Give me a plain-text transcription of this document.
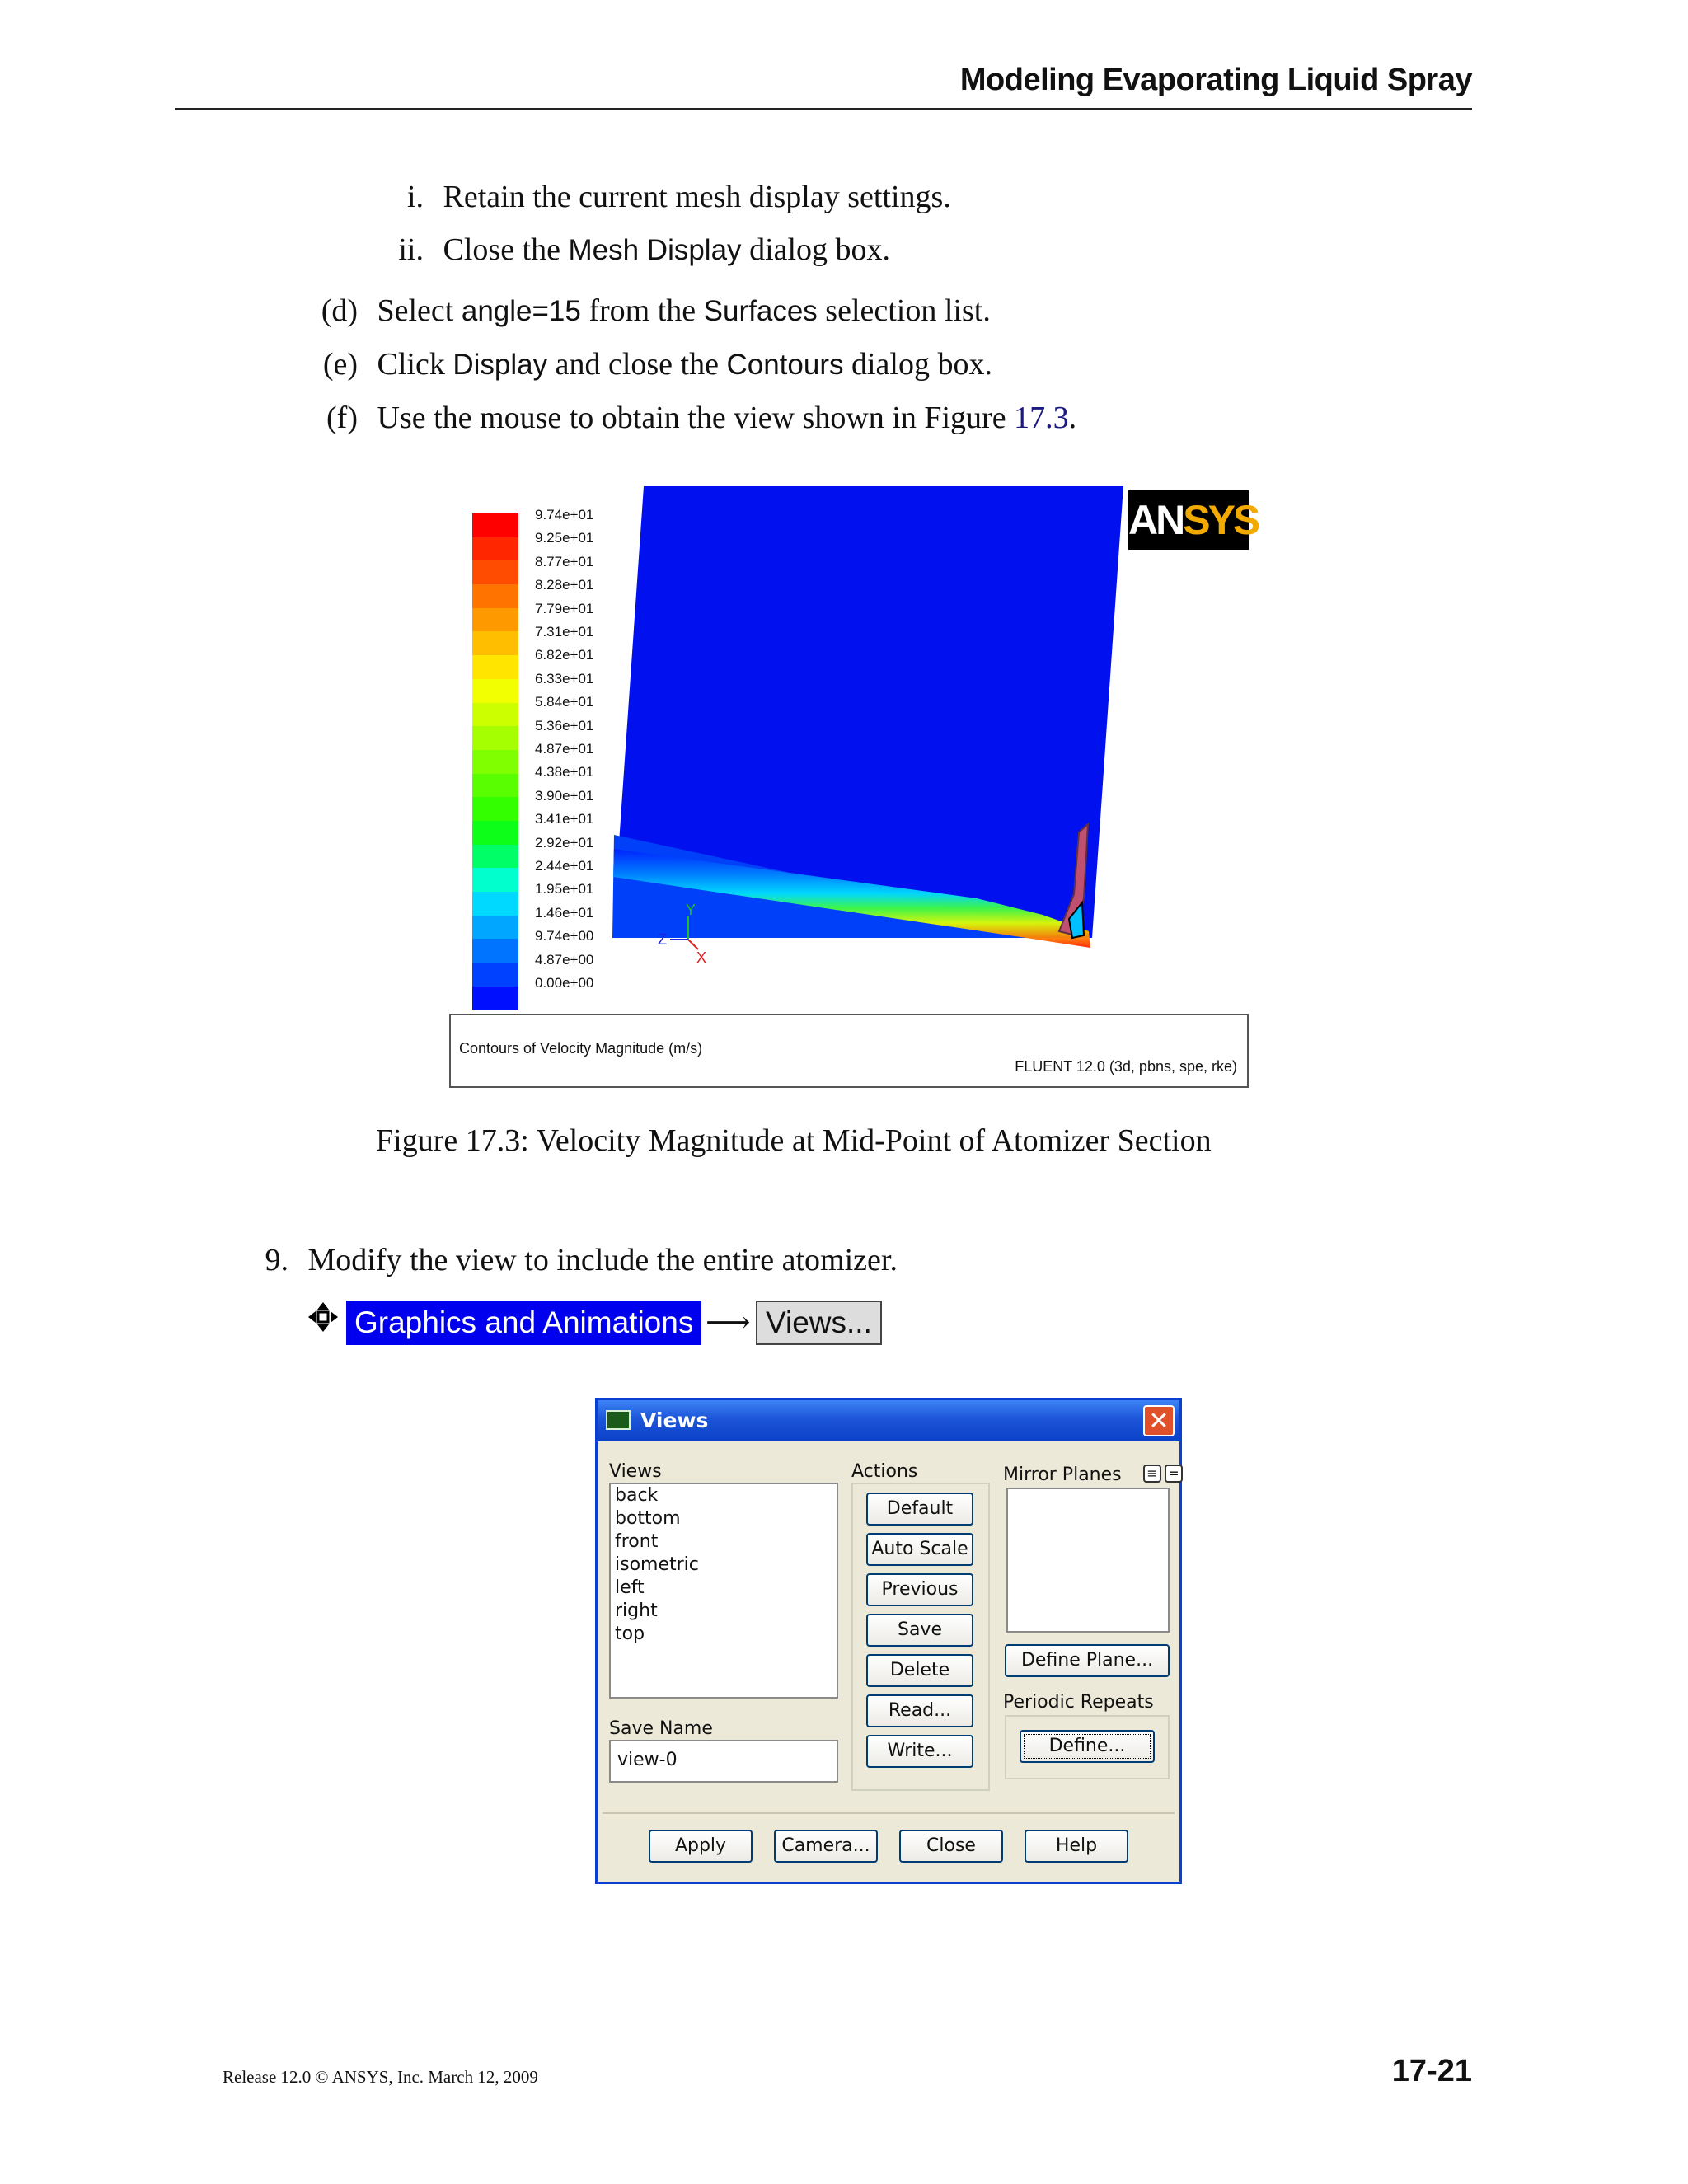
Modeling Evaporating Liquid Spray
i. Retain the current mesh display settings.
ii. Close the Mesh Display dialog box.
(d) Select angle=15 from the Surfaces selection list.
(e) Click Display and close the Contours dialog box.
(f) Use the mouse to obtain the view shown in Figure 17.3.
Y
Z
X
9.74e+01
9.25e+01
8.77e+01
8.28e+01
7.79e+01
7.31e+01
6.82e+01
6.33e+01
5.84e+01
5.36e+01
4.87e+01
4.38e+01
3.90e+01
3.41e+01
2.92e+01
2.44e+01
1.95e+01
1.46e+01
9.74e+00
4.87e+00
0.00e+00
ANSYS
Contours of Velocity Magnitude (m/s)
FLUENT 12.0 (3d, pbns, spe, rke)
Figure 17.3: Velocity Magnitude at Mid-Point of Atomizer Section
9. Modify the view to include the entire atomizer.
Graphics and Animations ⟶ Views...
Views	✕
Views
back
bottom
front
isometric
left
right
top
Save Name
view-0
Actions
Default
Auto Scale
Previous
Save
Delete
Read...
Write...
Mirror Planes ≡ =
Define Plane...
Periodic Repeats
Define...
Apply	Camera...	Close	Help
Release 12.0 © ANSYS, Inc. March 12, 2009	17-21
